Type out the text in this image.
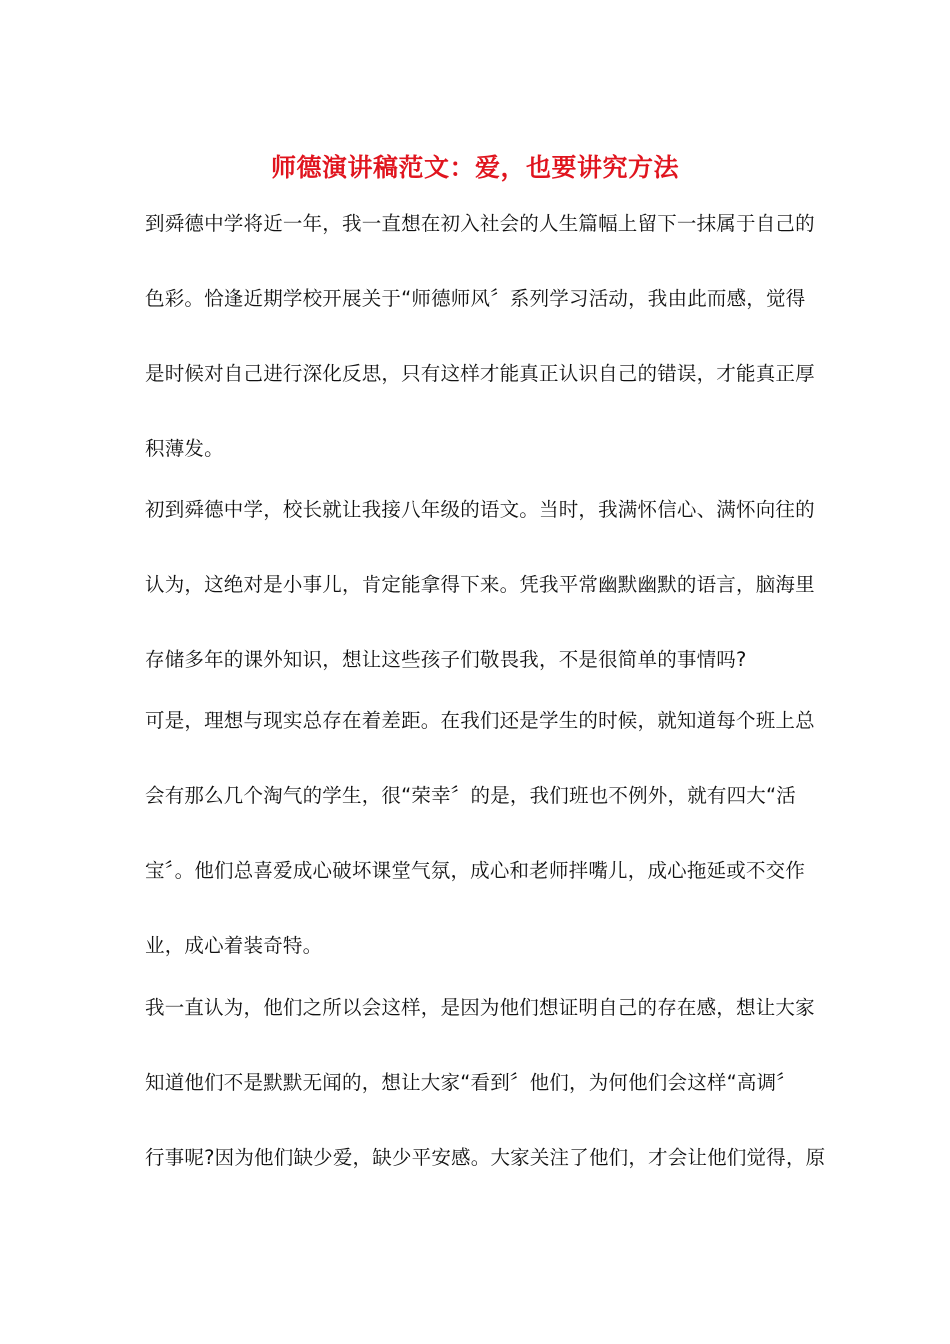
师德演讲稿范文：爱，也要讲究方法
到舜德中学将近一年，我一直想在初入社会的人生篇幅上留下一抹属于自己的
色彩。恰逢近期学校开展关于“师德师风〞系列学习活动，我由此而感，觉得
是时候对自己进行深化反思，只有这样才能真正认识自己的错误，才能真正厚
积薄发。
初到舜德中学，校长就让我接八年级的语文。当时，我满怀信心、满怀向往的
认为，这绝对是小事儿，肯定能拿得下来。凭我平常幽默幽默的语言，脑海里
存储多年的课外知识，想让这些孩子们敬畏我，不是很简单的事情吗?
可是，理想与现实总存在着差距。在我们还是学生的时候，就知道每个班上总
会有那么几个淘气的学生，很“荣幸〞的是，我们班也不例外，就有四大“活
宝〞。他们总喜爱成心破坏课堂气氛，成心和老师拌嘴儿，成心拖延或不交作
业，成心着装奇特。
我一直认为，他们之所以会这样，是因为他们想证明自己的存在感，想让大家
知道他们不是默默无闻的，想让大家“看到〞他们，为何他们会这样“高调〞
行事呢?因为他们缺少爱，缺少平安感。大家关注了他们，才会让他们觉得，原
